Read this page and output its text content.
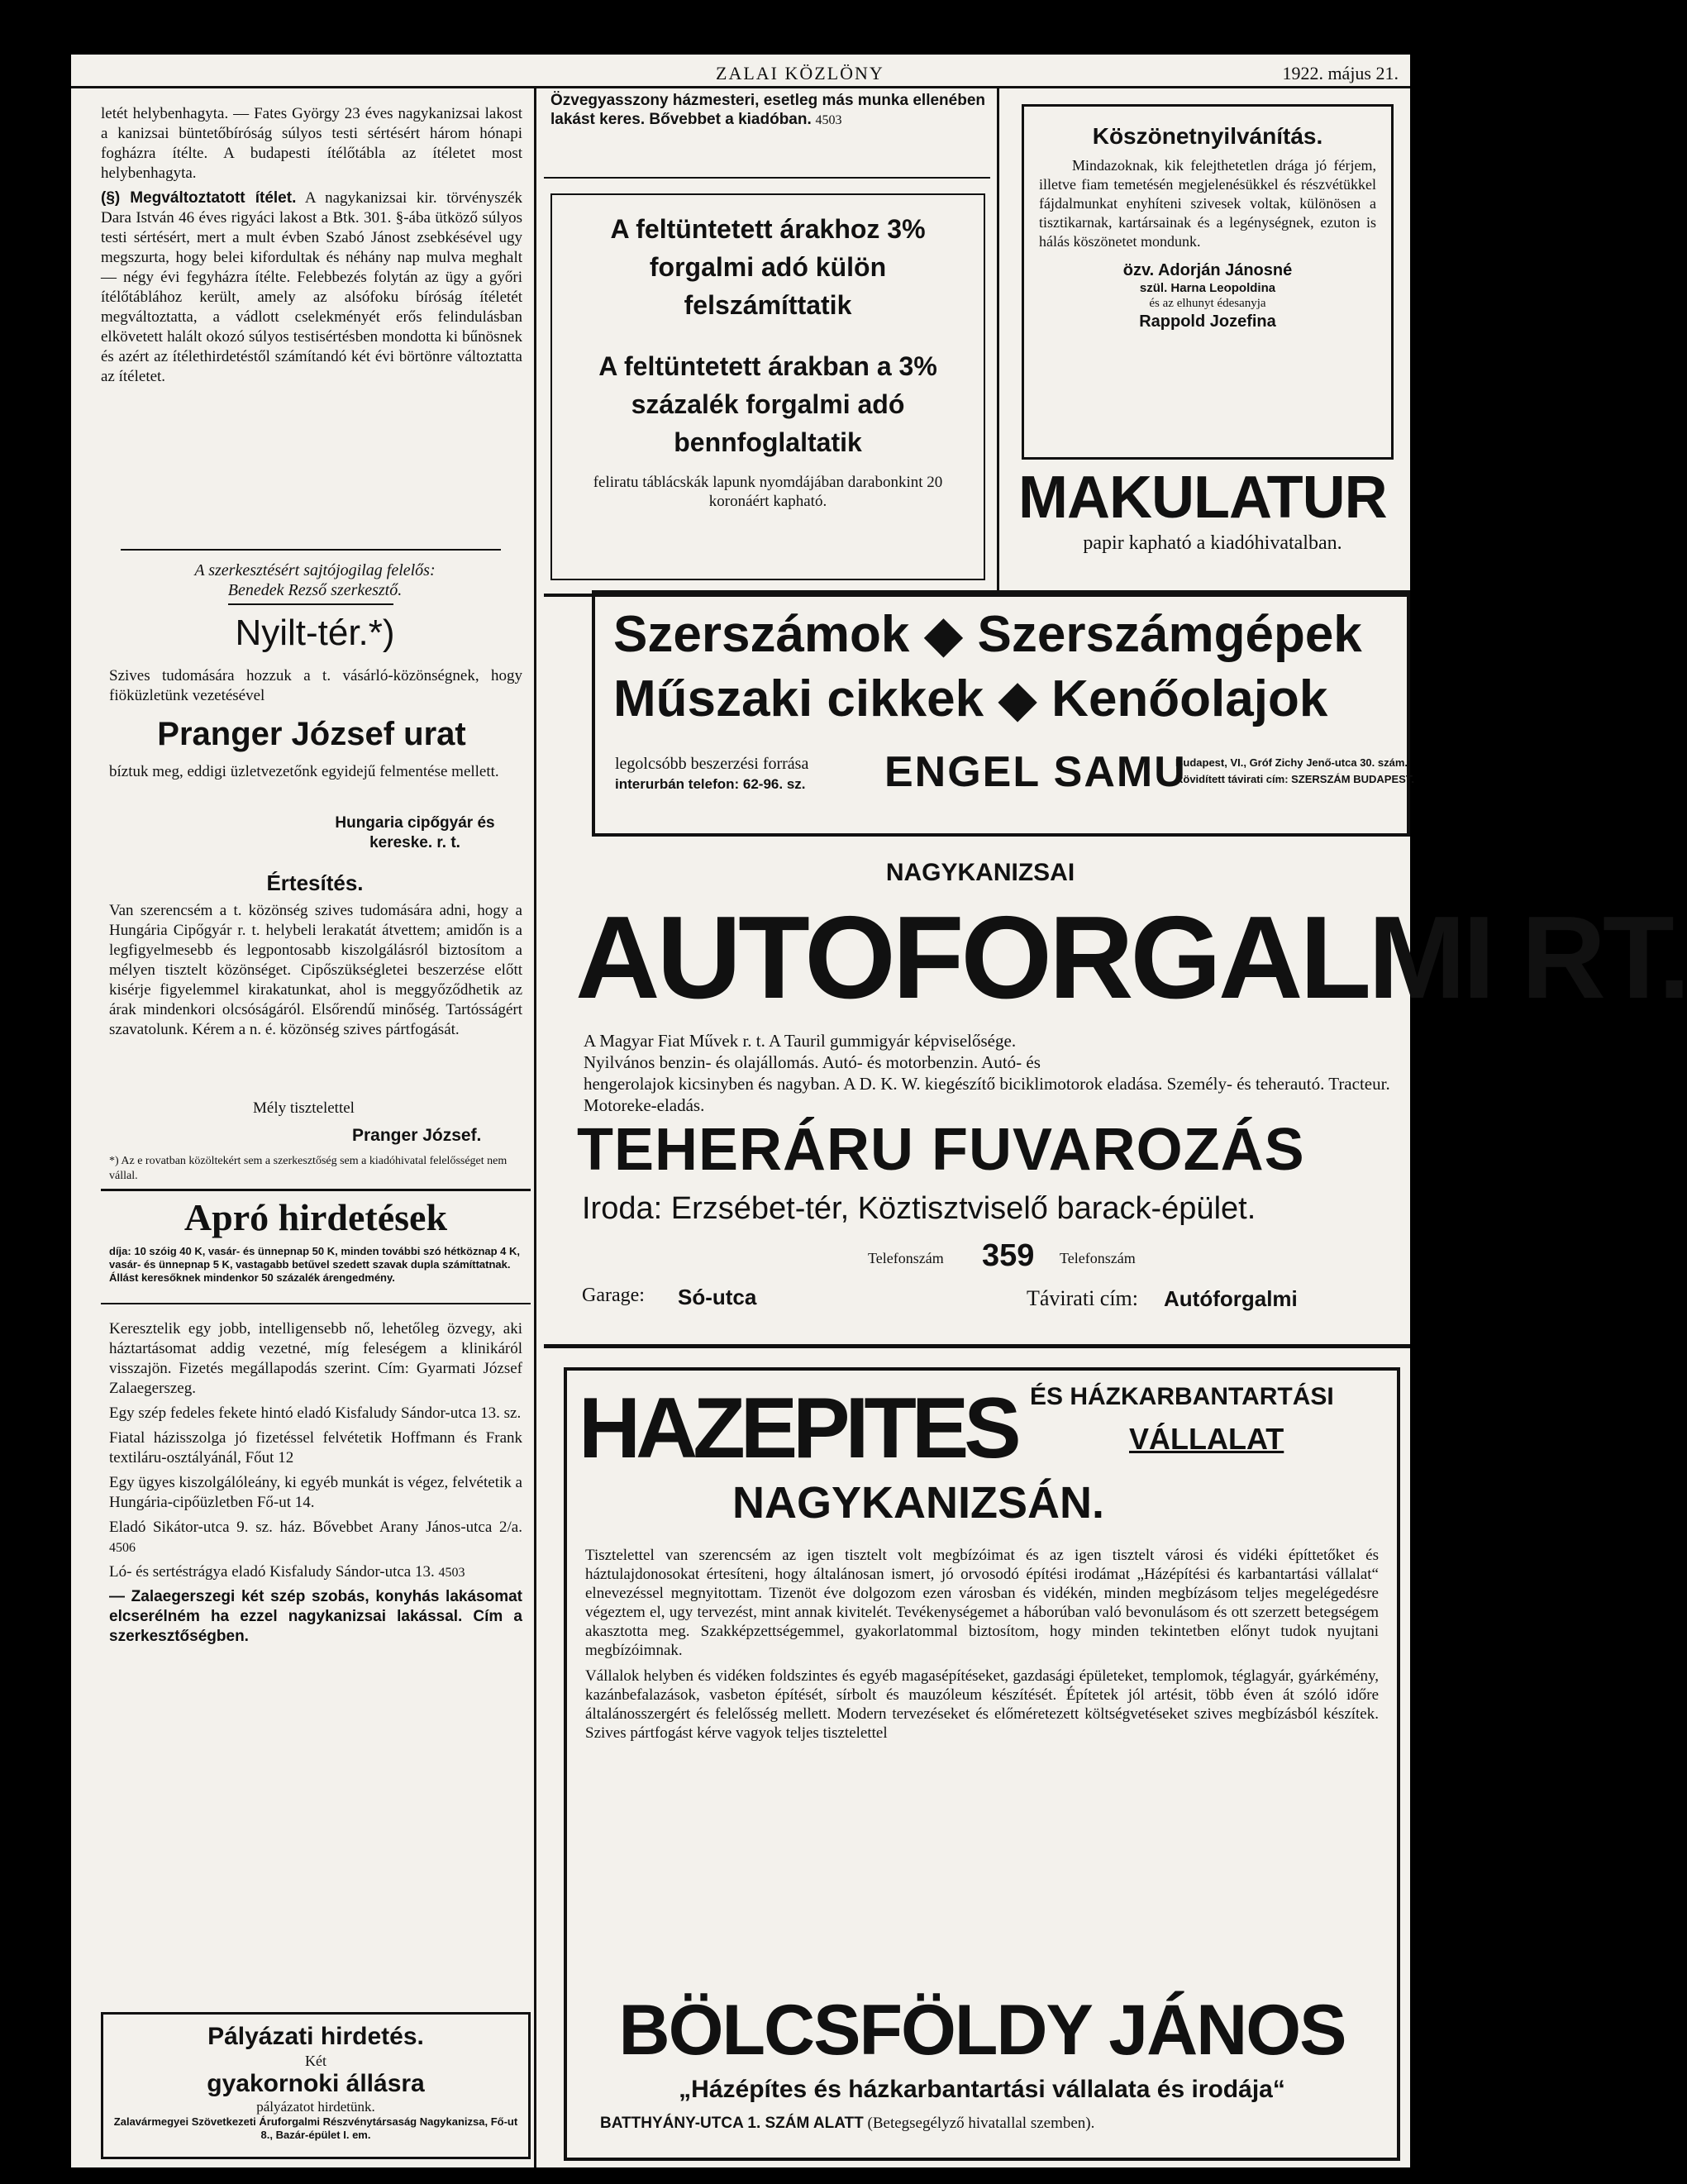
ZALAI KÖZLÖNY	1922. május 21.

letét helybenhagyta. — Fates György 23 éves nagykanizsai lakost a kanizsai büntetőbíróság súlyos testi sértésért három hónapi fogházra ítélte. A budapesti ítélőtábla az ítéletet most helybenhagyta.

(§) Megváltoztatott ítélet. A nagykanizsai kir. törvényszék Dara István 46 éves rigyáci lakost a Btk. 301. §-ába ütköző súlyos testi sértésért, mert a mult évben Szabó Jánost zsebkésével ugy megszurta, hogy belei kifordultak és néhány nap mulva meghalt — négy évi fegyházra ítélte. Felebbezés folytán az ügy a győri ítélőtáblához került, amely az alsófoku bíróság ítéletét megváltoztatta, a vádlott cselekményét erős felindulásban elkövetett halált okozó súlyos testisértésben mondotta ki bűnösnek és azért az ítélethirdetéstől számítandó két évi börtönre változtatta az ítéletet.

A szerkesztésért sajtójogilag felelős:
Benedek Rezső szerkesztő.
Nyilt-tér.*)
Szives tudomására hozzuk a t. vásárló-közönségnek, hogy fiöküzletünk vezetésével
Pranger József urat
bíztuk meg, eddigi üzletvezetőnk egyidejű felmentése mellett.
Hungaria cipőgyár és kereske. r. t.
Értesítés.
Van szerencsém a t. közönség szives tudomására adni, hogy a Hungária Cipőgyár r. t. helybeli lerakatát átvettem; amidőn is a legfigyelmesebb és legpontosabb kiszolgálásról biztosítom a mélyen tisztelt közönséget. Cipőszükségletei beszerzése előtt kisérje figyelemmel kirakatunkat, ahol is meggyőződhetik az árak mindenkori olcsóságáról. Elsőrendű minőség. Tartósságért szavatolunk. Kérem a n. é. közönség szives pártfogását.
Mély tisztelettel
Pranger József.
*) Az e rovatban közöltekért sem a szerkesztőség sem a kiadóhivatal felelősséget nem vállal.
Apró hirdetések
díja: 10 szóig 40 K, vasár- és ünnepnap 50 K, minden további szó hétköznap 4 K, vasár- és ünnepnap 5 K, vastagabb betűvel szedett szavak dupla számíttatnak. Állást keresőknek mindenkor 50 százalék árengedmény.

Keresztelik egy jobb, intelligensebb nő, lehetőleg özvegy, aki háztartásomat addig vezetné, míg feleségem a klinikáról visszajön. Fizetés megállapodás szerint. Cím: Gyarmati József Zalaegerszeg.

Egy szép fedeles fekete hintó eladó Kisfaludy Sándor-utca 13. sz.

Fiatal házisszolga jó fizetéssel felvétetik Hoffmann és Frank textiláru-osztályánál, Főut 12

Egy ügyes kiszolgálóleány, ki egyéb munkát is végez, felvétetik a Hungária-cipőüzletben Fő-ut 14.

Eladó Sikátor-utca 9. sz. ház. Bővebbet Arany János-utca 2/a. 4506

Ló- és sertéstrágya eladó Kisfaludy Sándor-utca 13. 4503

— Zalaegerszegi két szép szobás, konyhás lakásomat elcserélném ha ezzel nagykanizsai lakással. Cím a szerkesztőségben.

Pályázati hirdetés.
Két
gyakornoki állásra
pályázatot hirdetünk.
Zalavármegyei Szövetkezeti Áruforgalmi Részvénytársaság Nagykanizsa, Fő-ut 8., Bazár-épület I. em.
Özvegyasszony házmesteri, esetleg más munka ellenében lakást keres. Bővebbet a kiadóban. 4503
A feltüntetett árakhoz 3% forgalmi adó külön felszámíttatik
A feltüntetett árakban a 3% százalék forgalmi adó bennfoglaltatik
feliratu táblácskák lapunk nyomdájában darabonkint 20 koronáért kapható.
Köszönetnyilvánítás.
Mindazoknak, kik felejthetetlen drága jó férjem, illetve fiam temetésén megjelenésükkel és részvétükkel fájdalmunkat enyhíteni szivesek voltak, különösen a tisztikarnak, kartársainak és a legénységnek, ezuton is hálás köszönetet mondunk.
özv. Adorján Jánosné
szül. Harna Leopoldina
és az elhunyt édesanyja
Rappold Jozefina
MAKULATUR
papir kapható a kiadóhivatalban.
Szerszámok ◆ Szerszámgépek
Műszaki cikkek ◆ Kenőolajok
legolcsóbb beszerzési forrása
interurbán telefon: 62-96. sz. ENGEL SAMU
Budapest, VI., Gróf Zichy Jenő-utca 30. szám.
Rövidített távirati cím: SZERSZÁM BUDAPEST.
NAGYKANIZSAI
AUTOFORGALMI RT.
A Magyar Fiat Művek r. t. A Tauril gummigyár képviselősége.
Nyilvános benzin- és olajállomás. Autó- és motorbenzin. Autó- és
hengerolajok kicsinyben és nagyban. A D. K. W. kiegészítő biciklimotorok eladása. Személy- és teherautó. Tracteur. Motoreke-eladás.
TEHERÁRU FUVAROZÁS
Iroda: Erzsébet-tér, Köztisztviselő barack-épület.
Telefonszám 359 Telefonszám
Garage: Só-utca	Távirati cím: Autóforgalmi
HAZEPITES ÉS HÁZKARBANTARTÁSI
VÁLLALAT
NAGYKANIZSÁN.

Tisztelettel van szerencsém az igen tisztelt volt megbízóimat és az igen tisztelt városi és vidéki építtetőket és háztulajdonosokat értesíteni, hogy általánosan ismert, jó orvosodó építési irodámat „Házépítési és karbantartási vállalat“ elnevezéssel megnyitottam. Tizenöt éve dolgozom ezen városban és vidékén, minden megbízásom teljes megelégedésre végeztem el, ugy tervezést, mint annak kivitelét. Tevékenységemet a háborúban való bevonulásom és ott szerzett betegségem akasztotta meg. Szakképzettségemmel, gyakorlatommal biztosítom, hogy minden tekintetben előnyt tudok nyujtani megbízóimnak.

Vállalok helyben és vidéken foldszintes és egyéb magasépítéseket, gazdasági épületeket, templomok, téglagyár, gyárkémény, kazánbefalazások, vasbeton építését, sírbolt és mauzóleum készítését. Építetek jól artésit, több éven át szóló időre általánosszergért és felelősség mellett. Modern tervezéseket és előméretezett költségvetéseket szives megbízásból készítek. Szives pártfogást kérve vagyok teljes tisztelettel

BÖLCSFÖLDY JÁNOS
„Házépítes és házkarbantartási vállalata és irodája“
BATTHYÁNY-UTCA 1. SZÁM ALATT (Betegsegélyző hivatallal szemben).
